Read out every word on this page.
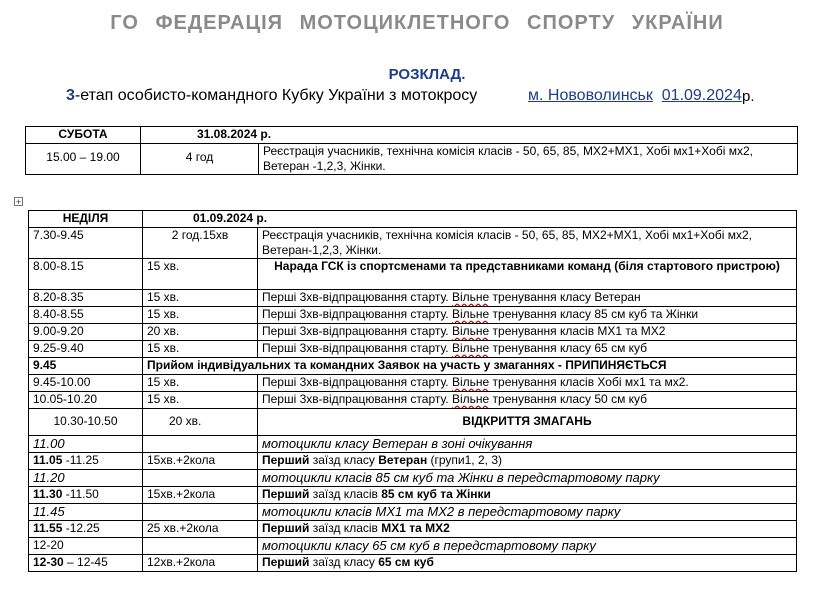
ГО ФЕДЕРАЦІЯ МОТОЦИКЛЕТНОГО СПОРТУ УКРАЇНИ
РОЗКЛАД.
3-етап особисто-командного Кубку України з мотокросу	м. Нововолинськ 01.09.2024 р.
СУБОТА	31.08.2024 р.	
15.00 – 19.00	4 год	Реєстрація учасників, технічна комісія класів - 50, 65, 85, МХ2+МХ1, Хобі мх1+Хобі мх2, Ветеран -1,2,3, Жінки.
+
НЕДІЛЯ	01.09.2024 р.	
7.30-9.45	2 год.15хв	Реєстрація учасників, технічна комісія класів - 50, 65, 85, МХ2+МХ1, Хобі мх1+Хобі мх2, Ветеран-1,2,3, Жінки.
8.00-8.15	15 хв.	Нарада ГСК із спортсменами та представниками команд (біля стартового пристрою)
8.20-8.35	15 хв.	Перші 3хв-відпрацювання старту. Вільне тренування класу Ветеран
8.40-8.55	15 хв.	Перші 3хв-відпрацювання старту. Вільне тренування класу 85 см куб та Жінки
9.00-9.20	20 хв.	Перші 3хв-відпрацювання старту. Вільне тренування класів МХ1 та МХ2
9.25-9.40	15 хв.	Перші 3хв-відпрацювання старту. Вільне тренування класу 65 см куб
9.45	Прийом індивідуальних та командних Заявок на участь у змаганнях - ПРИПИНЯЄТЬСЯ	
9.45-10.00	15 хв.	Перші 3хв-відпрацювання старту. Вільне тренування класів Хобі мх1 та мх2.
10.05-10.20	15 хв.	Перші 3хв-відпрацювання старту. Вільне тренування класу 50 см куб
10.30-10.50	20 хв.	ВІДКРИТТЯ ЗМАГАНЬ
11.00		мотоцикли класу Ветеран в зоні очікування
11.05 -11.25	15хв.+2кола	Перший заїзд класу Ветеран (групи1, 2, 3)
11.20		мотоцикли класів 85 см куб та Жінки в передстартовому парку
11.30 -11.50	15хв.+2кола	Перший заїзд класів 85 см куб та Жінки
11.45		мотоцикли класів МХ1 та МХ2 в передстартовому парку
11.55 -12.25	25 хв.+2кола	Перший заїзд класів МХ1 та МХ2
12-20		мотоцикли класу 65 см куб в передстартовому парку
12-30 – 12-45	12хв.+2кола	Перший заїзд класу 65 см куб
